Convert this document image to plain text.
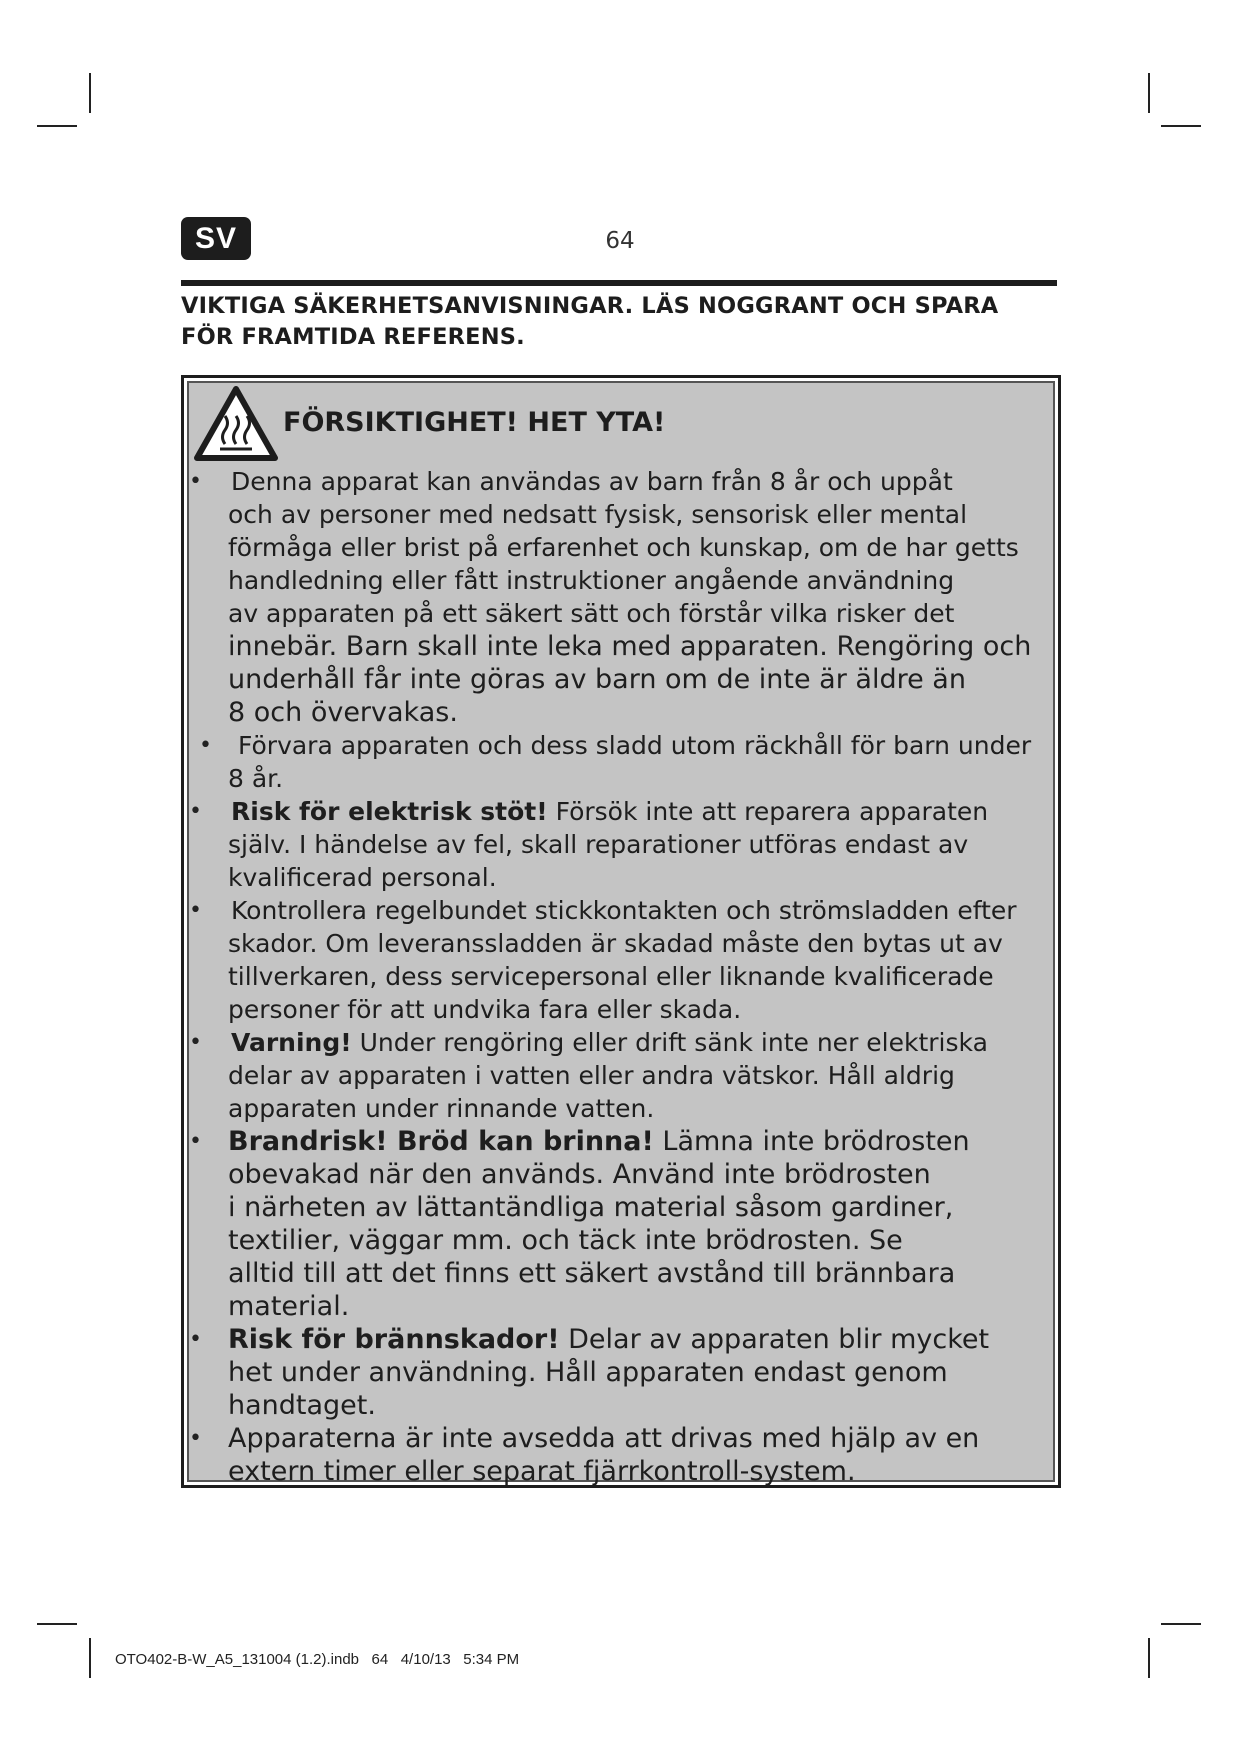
SV	64
VIKTIGA SÄKERHETSANVISNINGAR. LÄS NOGGRANT OCH SPARA
FÖR FRAMTIDA REFERENS.
FÖRSIKTIGHET! HET YTA!
• Denna apparat kan användas av barn från 8 år och uppåt
och av personer med nedsatt fysisk, sensorisk eller mental
förmåga eller brist på erfarenhet och kunskap, om de har getts
handledning eller fått instruktioner angående användning
av apparaten på ett säkert sätt och förstår vilka risker det
innebär. Barn skall inte leka med apparaten. Rengöring och
underhåll får inte göras av barn om de inte är äldre än
8 och övervakas.

• Förvara apparaten och dess sladd utom räckhåll för barn under
8 år.

• Risk för elektrisk stöt! Försök inte att reparera apparaten
själv. I händelse av fel, skall reparationer utföras endast av
kvalificerad personal.

• Kontrollera regelbundet stickkontakten och strömsladden efter
skador. Om leveranssladden är skadad måste den bytas ut av
tillverkaren, dess servicepersonal eller liknande kvalificerade
personer för att undvika fara eller skada.

• Varning! Under rengöring eller drift sänk inte ner elektriska
delar av apparaten i vatten eller andra vätskor. Håll aldrig
apparaten under rinnande vatten.

• Brandrisk! Bröd kan brinna! Lämna inte brödrosten
obevakad när den används. Använd inte brödrosten
i närheten av lättantändliga material såsom gardiner,
textilier, väggar mm. och täck inte brödrosten. Se
alltid till att det finns ett säkert avstånd till brännbara
material.

• Risk för brännskador! Delar av apparaten blir mycket
het under användning. Håll apparaten endast genom
handtaget.

• Apparaterna är inte avsedda att drivas med hjälp av en
extern timer eller separat fjärrkontroll-system.

OTO402-B-W_A5_131004 (1.2).indb   64   4/10/13   5:34 PM
